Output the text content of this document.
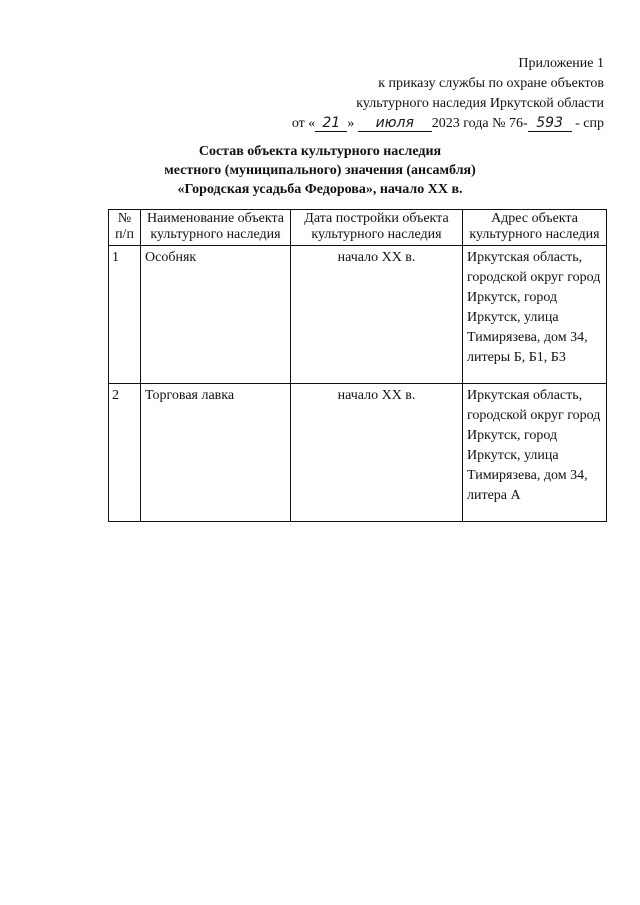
Приложение 1
к приказу службы по охране объектов
культурного наследия Иркутской области
от « 21 » июля 2023 года № 76- 593 - спр
Состав объекта культурного наследия
местного (муниципального) значения (ансамбля)
«Городская усадьба Федорова», начало XX в.
№ п/п	Наименование объекта культурного наследия	Дата постройки объекта культурного наследия	Адрес объекта культурного наследия
1	Особняк	начало XX в.	Иркутская область, городской округ город Иркутск, город Иркутск, улица Тимирязева, дом 34, литеры Б, Б1, Б3
2	Торговая лавка	начало XX в.	Иркутская область, городской округ город Иркутск, город Иркутск, улица Тимирязева, дом 34, литера А
